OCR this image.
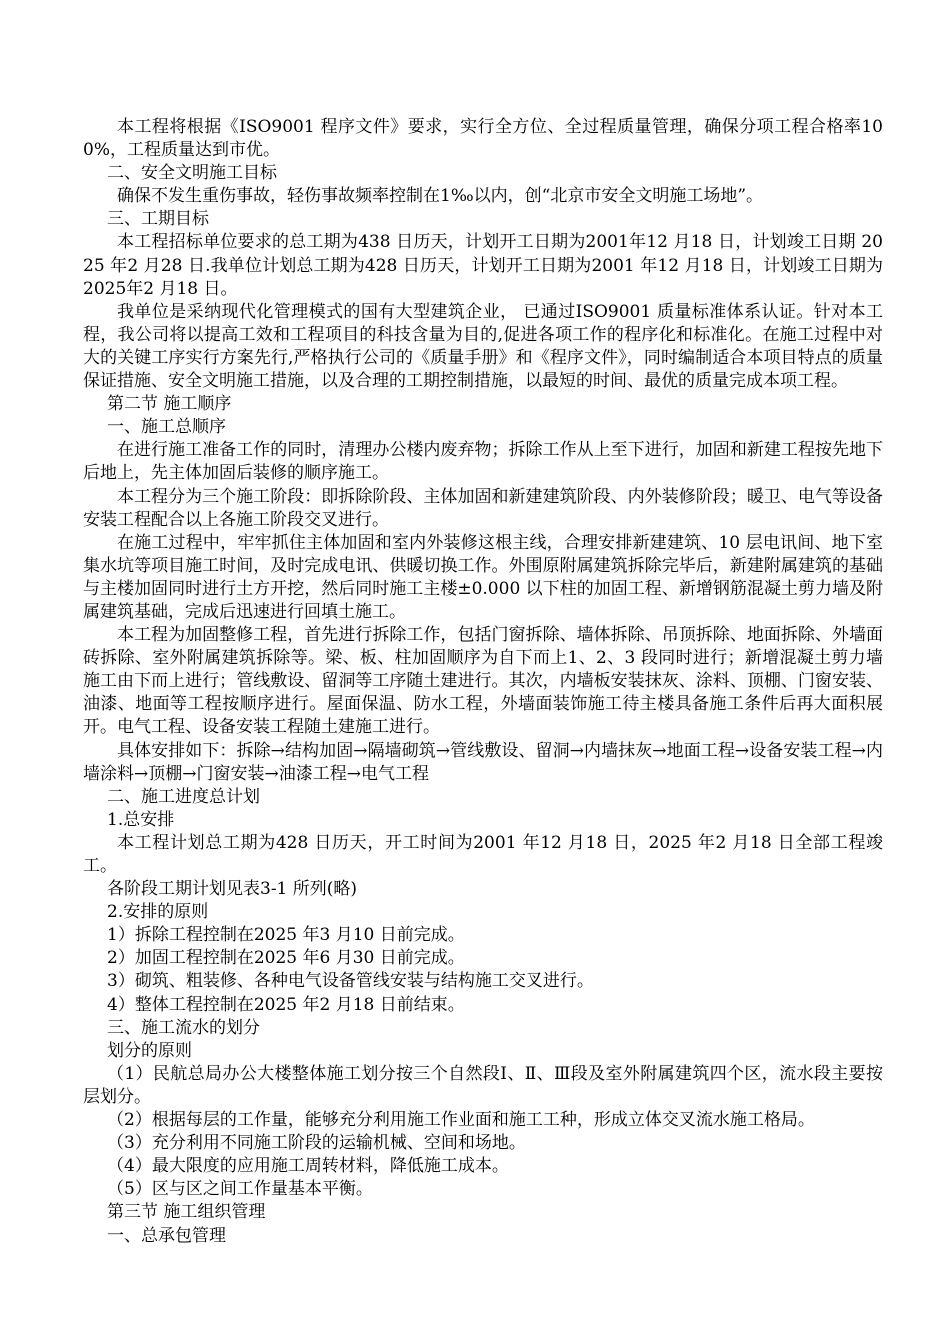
本工程将根据《ISO9001 程序文件》要求，实行全方位、全过程质量管理，确保分项工程合格率100%，工程质量达到市优。

二、安全文明施工目标

确保不发生重伤事故，轻伤事故频率控制在1‰以内，创“北京市安全文明施工场地”。

三、工期目标

本工程招标单位要求的总工期为438 日历天，计划开工日期为2001年12 月18 日，计划竣工日期 2025 年2 月28 日.我单位计划总工期为428 日历天，计划开工日期为2001 年12 月18 日，计划竣工日期为 2025年2 月18 日。

我单位是采纳现代化管理模式的国有大型建筑企业， 已通过ISO9001 质量标准体系认证。针对本工程，我公司将以提高工效和工程项目的科技含量为目的,促进各项工作的程序化和标准化。在施工过程中对大的关键工序实行方案先行,严格执行公司的《质量手册》和《程序文件》，同时编制适合本项目特点的质量保证措施、安全文明施工措施，以及合理的工期控制措施，以最短的时间、最优的质量完成本项工程。

第二节 施工顺序

一、施工总顺序

在进行施工准备工作的同时，清理办公楼内废弃物；拆除工作从上至下进行，加固和新建工程按先地下后地上，先主体加固后装修的顺序施工。

本工程分为三个施工阶段：即拆除阶段、主体加固和新建建筑阶段、内外装修阶段；暖卫、电气等设备安装工程配合以上各施工阶段交叉进行。

在施工过程中，牢牢抓住主体加固和室内外装修这根主线，合理安排新建建筑、10 层电讯间、地下室集水坑等项目施工时间，及时完成电讯、供暖切换工作。外围原附属建筑拆除完毕后，新建附属建筑的基础与主楼加固同时进行土方开挖，然后同时施工主楼±0.000 以下柱的加固工程、新增钢筋混凝土剪力墙及附属建筑基础，完成后迅速进行回填土施工。

本工程为加固整修工程，首先进行拆除工作，包括门窗拆除、墙体拆除、吊顶拆除、地面拆除、外墙面砖拆除、室外附属建筑拆除等。梁、板、柱加固顺序为自下而上1、2、3 段同时进行；新增混凝土剪力墙施工由下而上进行；管线敷设、留洞等工序随土建进行。其次，内墙板安装抹灰、涂料、顶棚、门窗安装、油漆、地面等工程按顺序进行。屋面保温、防水工程，外墙面装饰施工待主楼具备施工条件后再大面积展开。电气工程、设备安装工程随土建施工进行。

具体安排如下：拆除→结构加固→隔墙砌筑→管线敷设、留洞→内墙抹灰→地面工程→设备安装工程→内墙涂料→顶棚→门窗安装→油漆工程→电气工程

二、施工进度总计划

1.总安排

本工程计划总工期为428 日历天，开工时间为2001 年12 月18 日，2025 年2 月18 日全部工程竣工。

各阶段工期计划见表3-1 所列(略)

2.安排的原则

1）拆除工程控制在2025 年3 月10 日前完成。

2）加固工程控制在2025 年6 月30 日前完成。

3）砌筑、粗装修、各种电气设备管线安装与结构施工交叉进行。

4）整体工程控制在2025 年2 月18 日前结束。

三、施工流水的划分

划分的原则

（1）民航总局办公大楼整体施工划分按三个自然段Ⅰ、Ⅱ、Ⅲ段及室外附属建筑四个区，流水段主要按层划分。

（2）根据每层的工作量，能够充分利用施工作业面和施工工种，形成立体交叉流水施工格局。

（3）充分利用不同施工阶段的运输机械、空间和场地。

（4）最大限度的应用施工周转材料，降低施工成本。

（5）区与区之间工作量基本平衡。

第三节 施工组织管理

一、总承包管理
